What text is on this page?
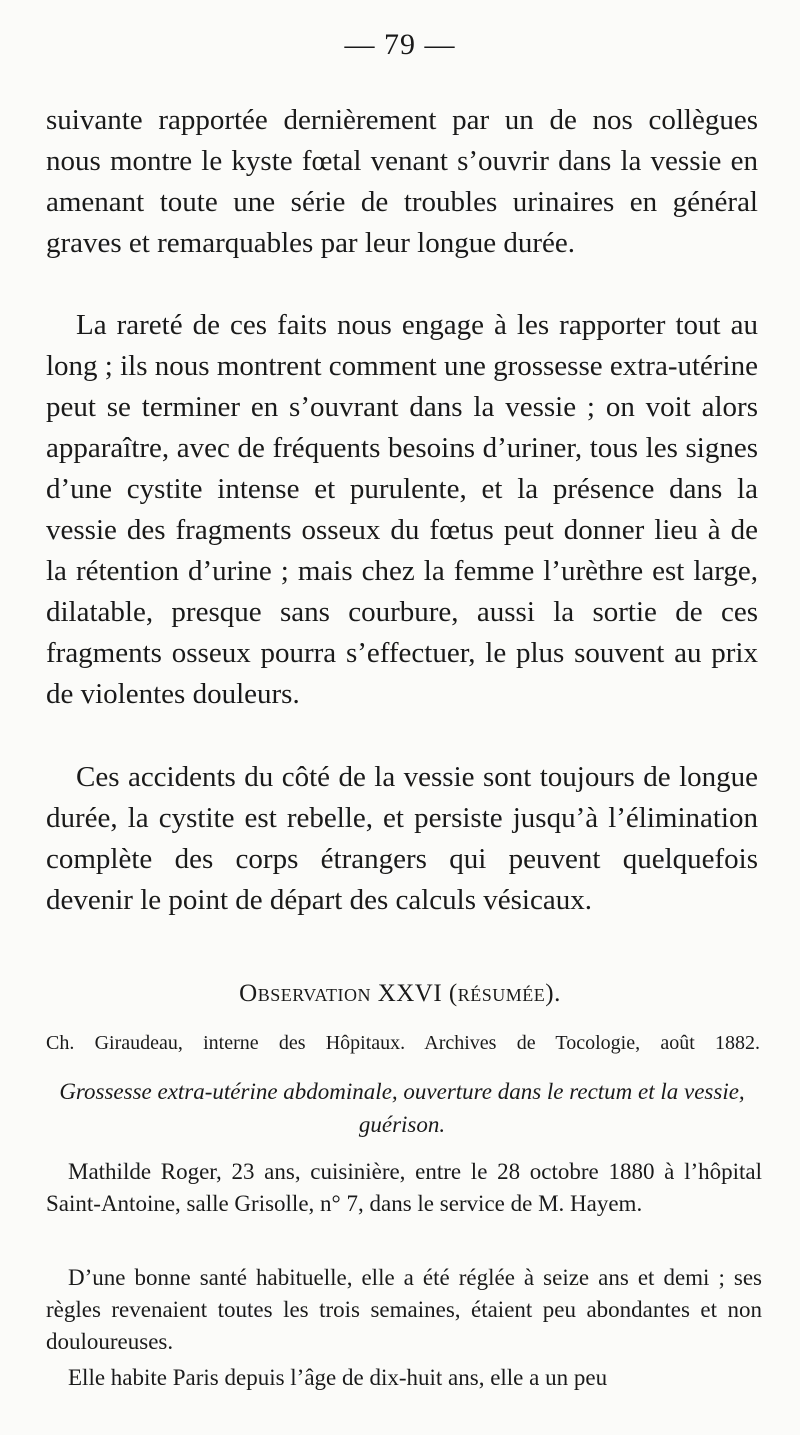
— 79 —

suivante rapportée dernièrement par un de nos collègues nous montre le kyste fœtal venant s’ouvrir dans la vessie en amenant toute une série de troubles urinaires en général graves et remarquables par leur longue durée.

La rareté de ces faits nous engage à les rapporter tout au long ; ils nous montrent comment une grossesse extra-utérine peut se terminer en s’ouvrant dans la vessie ; on voit alors apparaître, avec de fréquents besoins d’uriner, tous les signes d’une cystite intense et purulente, et la présence dans la vessie des fragments osseux du fœtus peut donner lieu à de la rétention d’urine ; mais chez la femme l’urèthre est large, dilatable, presque sans courbure, aussi la sortie de ces fragments osseux pourra s’effectuer, le plus souvent au prix de violentes douleurs.

Ces accidents du côté de la vessie sont toujours de longue durée, la cystite est rebelle, et persiste jusqu’à l’élimination complète des corps étrangers qui peuvent quelquefois devenir le point de départ des calculs vésicaux.

Observation XXVI (résumée).
Ch. Giraudeau, interne des Hôpitaux. Archives de Tocologie, août 1882.
Grossesse extra-utérine abdominale, ouverture dans le rectum et la vessie, guérison.

Mathilde Roger, 23 ans, cuisinière, entre le 28 octobre 1880 à l’hôpital Saint-Antoine, salle Grisolle, n° 7, dans le service de M. Hayem.

D’une bonne santé habituelle, elle a été réglée à seize ans et demi ; ses règles revenaient toutes les trois semaines, étaient peu abondantes et non douloureuses.

Elle habite Paris depuis l’âge de dix-huit ans, elle a un peu
